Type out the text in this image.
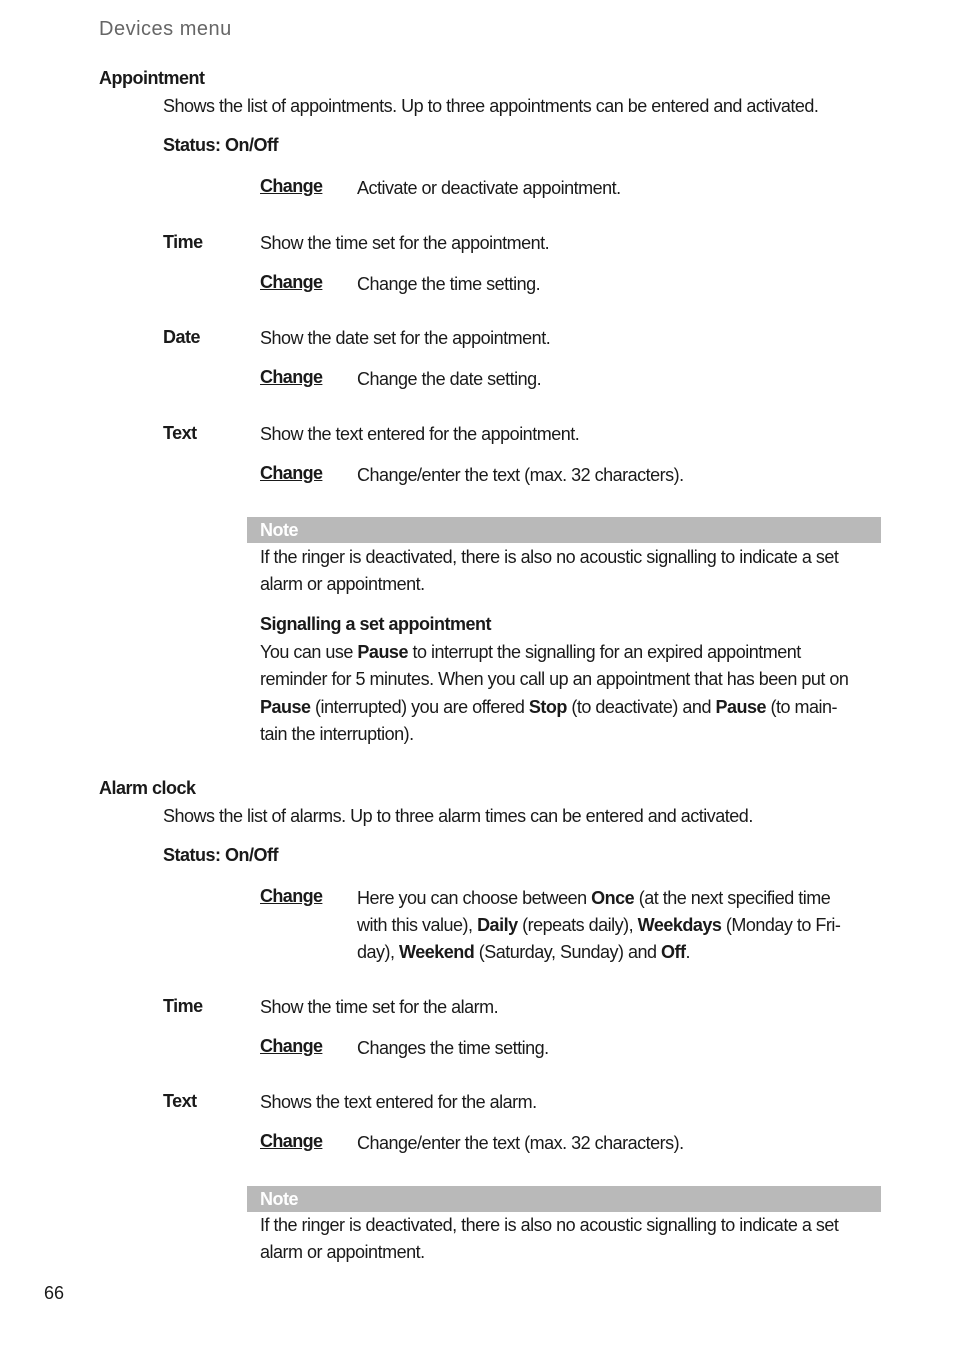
Devices menu
Appointment
Shows the list of appointments. Up to three appointments can be entered and activated.
Status: On/Off
Change Activate or deactivate appointment.
Time	Show the time set for the appointment.
Change Change the time setting.
Date	Show the date set for the appointment.
Change Change the date setting.
Text	Show the text entered for the appointment.
Change Change/enter the text (max. 32 characters).
Note
If the ringer is deactivated, there is also no acoustic signalling to indicate a set
alarm or appointment.
Signalling a set appointment
You can use Pause to interrupt the signalling for an expired appointment
reminder for 5 minutes. When you call up an appointment that has been put on
Pause (interrupted) you are offered Stop (to deactivate) and Pause (to main-
tain the interruption).
Alarm clock
Shows the list of alarms. Up to three alarm times can be entered and activated.
Status: On/Off
Change Here you can choose between Once (at the next specified time
with this value), Daily (repeats daily), Weekdays (Monday to Fri-
day), Weekend (Saturday, Sunday) and Off.
Time	Show the time set for the alarm.
Change Changes the time setting.
Text	Shows the text entered for the alarm.
Change Change/enter the text (max. 32 characters).
Note
If the ringer is deactivated, there is also no acoustic signalling to indicate a set
alarm or appointment.
66
